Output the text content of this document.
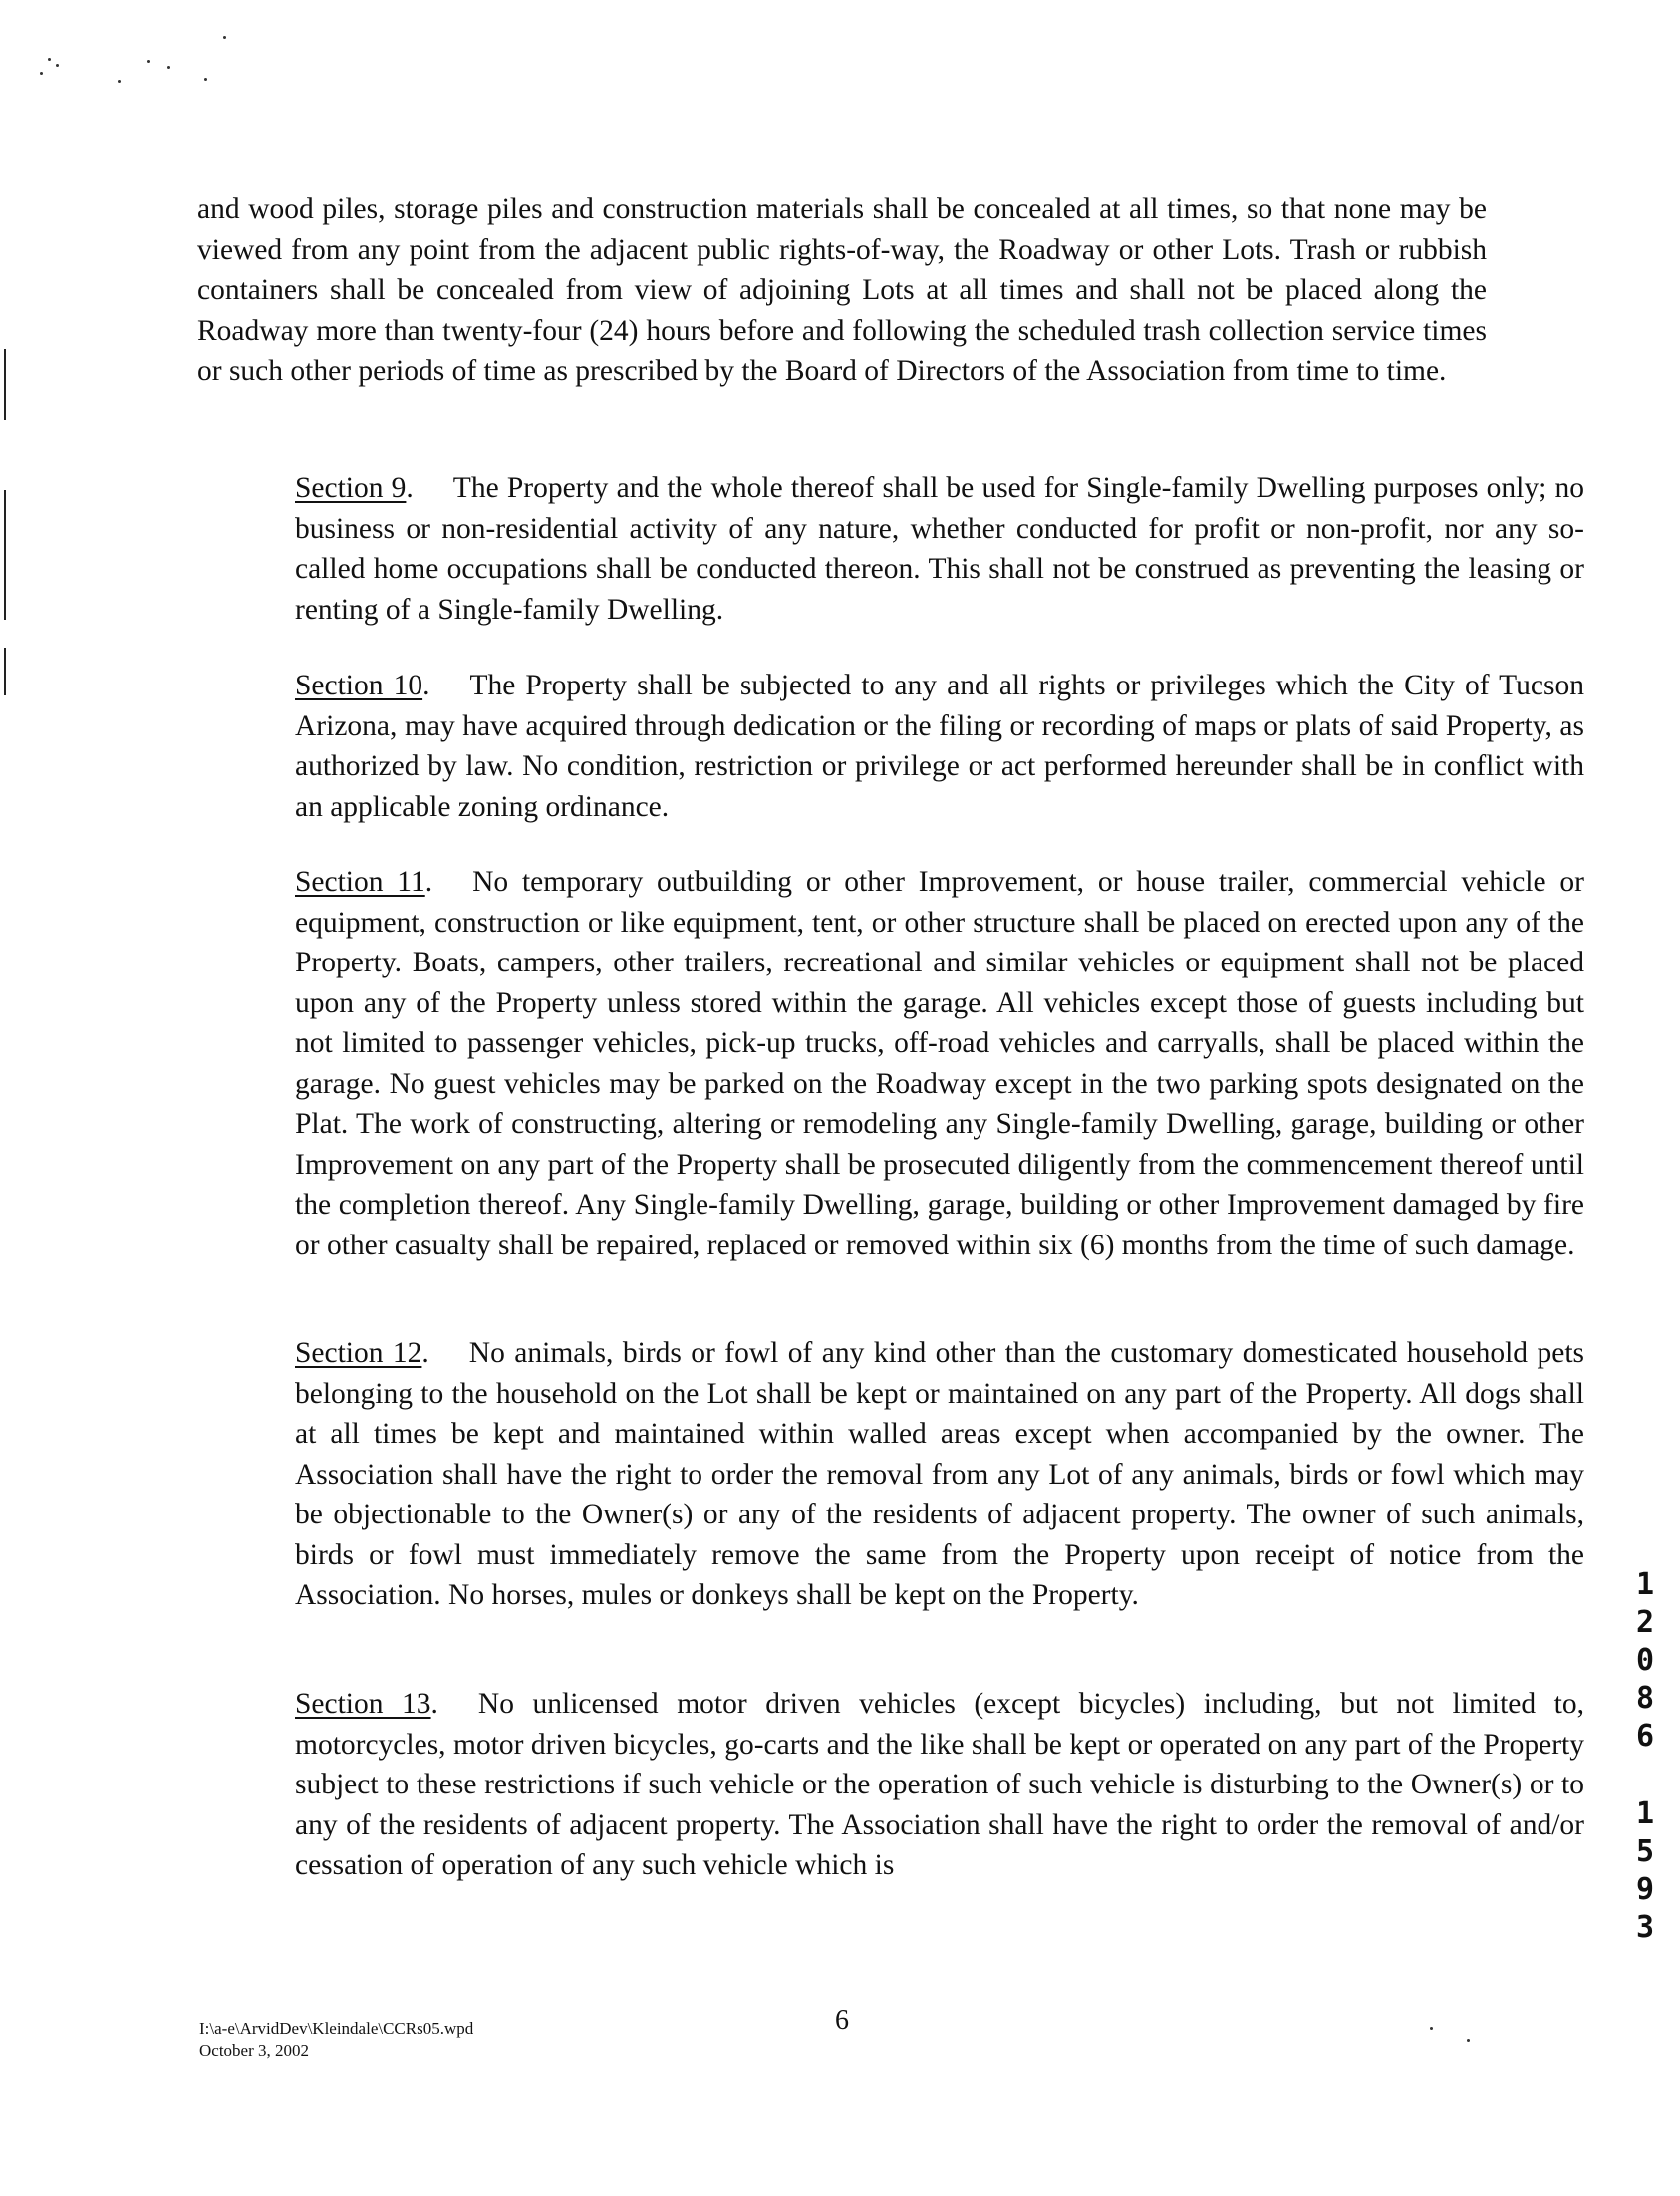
and wood piles, storage piles and construction materials shall be concealed at all times, so that none may be viewed from any point from the adjacent public rights-of-way, the Roadway or other Lots. Trash or rubbish containers shall be concealed from view of adjoining Lots at all times and shall not be placed along the Roadway more than twenty-four (24) hours before and following the scheduled trash collection service times or such other periods of time as prescribed by the Board of Directors of the Association from time to time.

Section 9. The Property and the whole thereof shall be used for Single-family Dwelling purposes only; no business or non-residential activity of any nature, whether conducted for profit or non-profit, nor any so-called home occupations shall be conducted thereon. This shall not be construed as preventing the leasing or renting of a Single-family Dwelling.

Section 10. The Property shall be subjected to any and all rights or privileges which the City of Tucson Arizona, may have acquired through dedication or the filing or recording of maps or plats of said Property, as authorized by law. No condition, restriction or privilege or act performed hereunder shall be in conflict with an applicable zoning ordinance.

Section 11. No temporary outbuilding or other Improvement, or house trailer, commercial vehicle or equipment, construction or like equipment, tent, or other structure shall be placed on erected upon any of the Property. Boats, campers, other trailers, recreational and similar vehicles or equipment shall not be placed upon any of the Property unless stored within the garage. All vehicles except those of guests including but not limited to passenger vehicles, pick-up trucks, off-road vehicles and carryalls, shall be placed within the garage. No guest vehicles may be parked on the Roadway except in the two parking spots designated on the Plat. The work of constructing, altering or remodeling any Single-family Dwelling, garage, building or other Improvement on any part of the Property shall be prosecuted diligently from the commencement thereof until the completion thereof. Any Single-family Dwelling, garage, building or other Improvement damaged by fire or other casualty shall be repaired, replaced or removed within six (6) months from the time of such damage.

Section 12. No animals, birds or fowl of any kind other than the customary domesticated household pets belonging to the household on the Lot shall be kept or maintained on any part of the Property. All dogs shall at all times be kept and maintained within walled areas except when accompanied by the owner. The Association shall have the right to order the removal from any Lot of any animals, birds or fowl which may be objectionable to the Owner(s) or any of the residents of adjacent property. The owner of such animals, birds or fowl must immediately remove the same from the Property upon receipt of notice from the Association. No horses, mules or donkeys shall be kept on the Property.

Section 13. No unlicensed motor driven vehicles (except bicycles) including, but not limited to, motorcycles, motor driven bicycles, go-carts and the like shall be kept or operated on any part of the Property subject to these restrictions if such vehicle or the operation of such vehicle is disturbing to the Owner(s) or to any of the residents of adjacent property. The Association shall have the right to order the removal of and/or cessation of operation of any such vehicle which is

I:\a-e\ArvidDev\Kleindale\CCRs05.wpd
October 3, 2002
6
1
2
0
8
6
1
5
9
3
